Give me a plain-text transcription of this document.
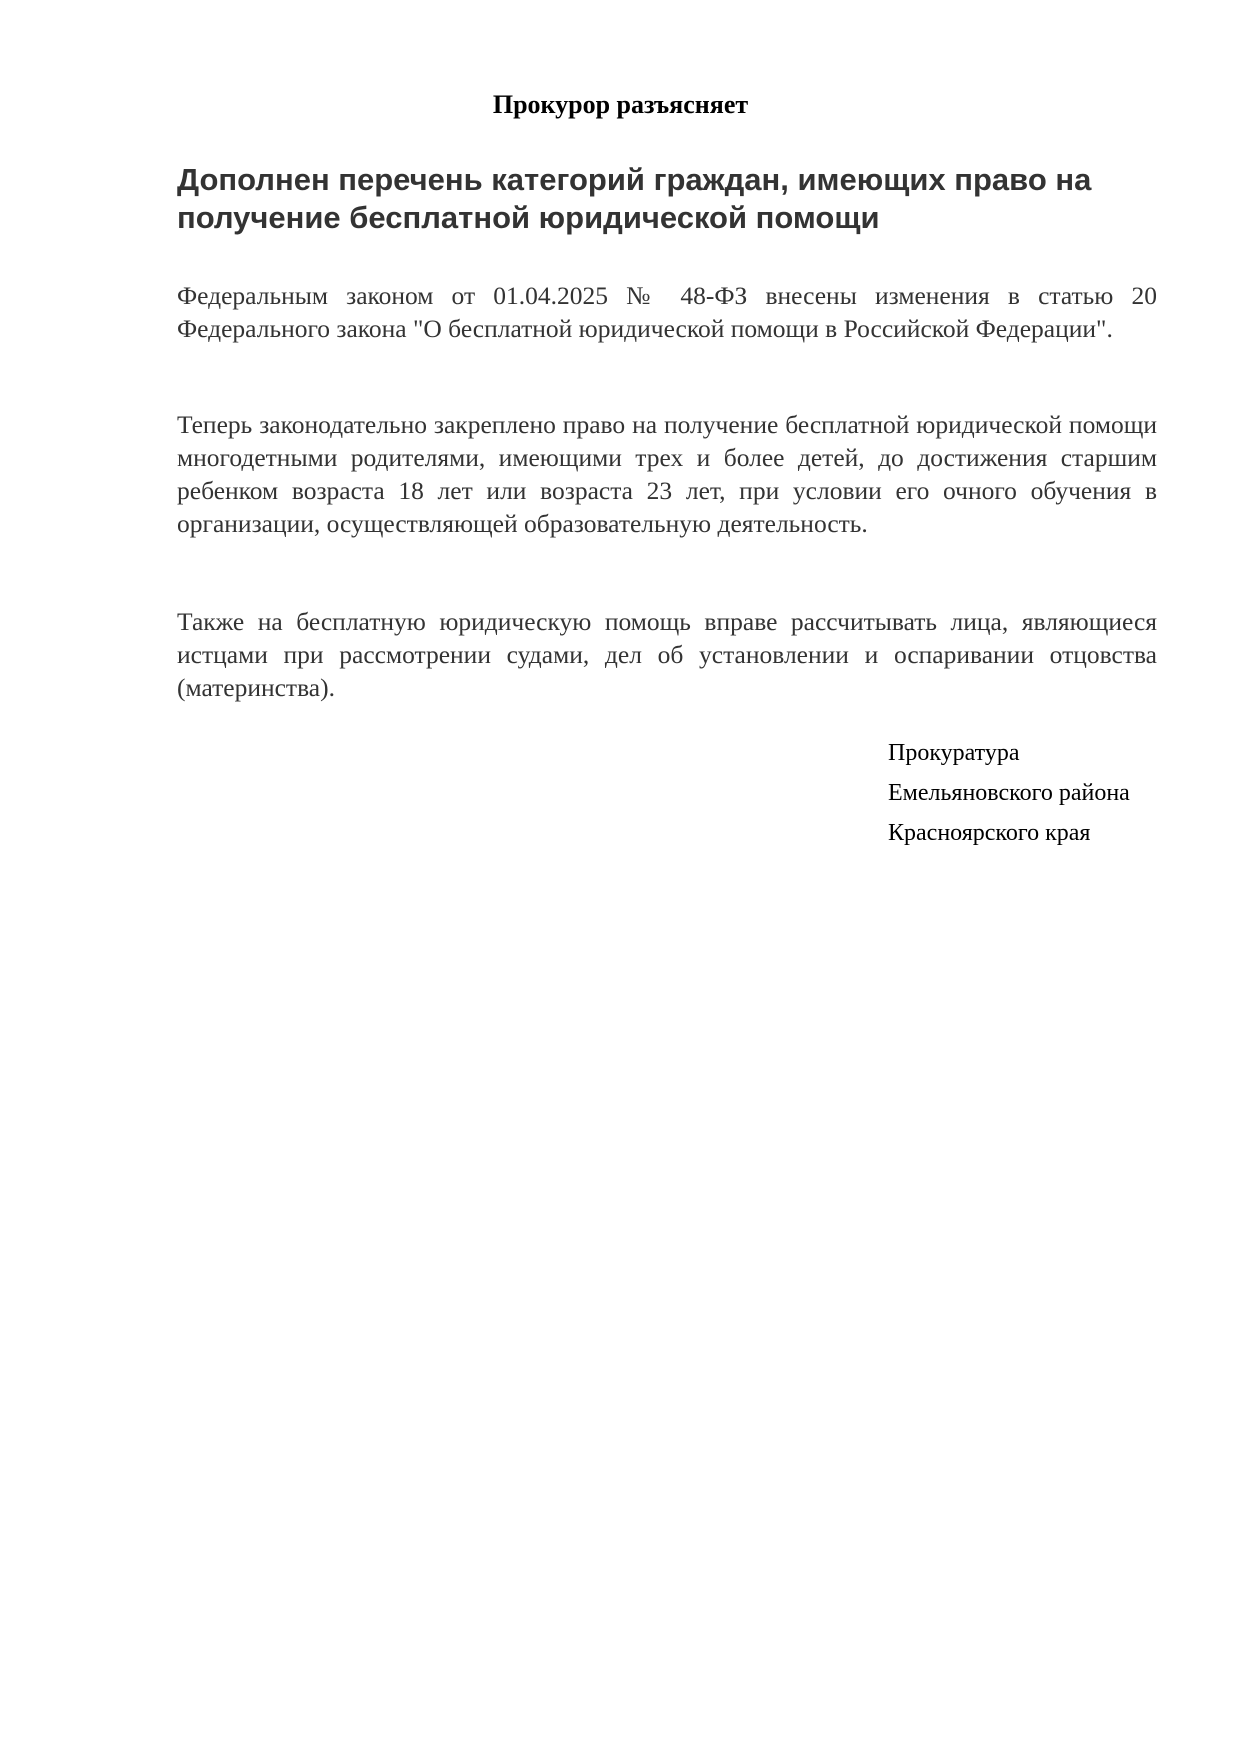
Прокурор разъясняет
Дополнен перечень категорий граждан, имеющих право на получение бесплатной юридической помощи

Федеральным законом от 01.04.2025 № 48-ФЗ внесены изменения в статью 20 Федерального закона "О бесплатной юридической помощи в Российской Федерации".

Теперь законодательно закреплено право на получение бесплатной юридической помощи многодетными родителями, имеющими трех и более детей, до достижения старшим ребенком возраста 18 лет или возраста 23 лет, при условии его очного обучения в организации, осуществляющей образовательную деятельность.

Также на бесплатную юридическую помощь вправе рассчитывать лица, являющиеся истцами при рассмотрении судами, дел об установлении и оспаривании отцовства (материнства).

Прокуратура
Емельяновского района
Красноярского края
